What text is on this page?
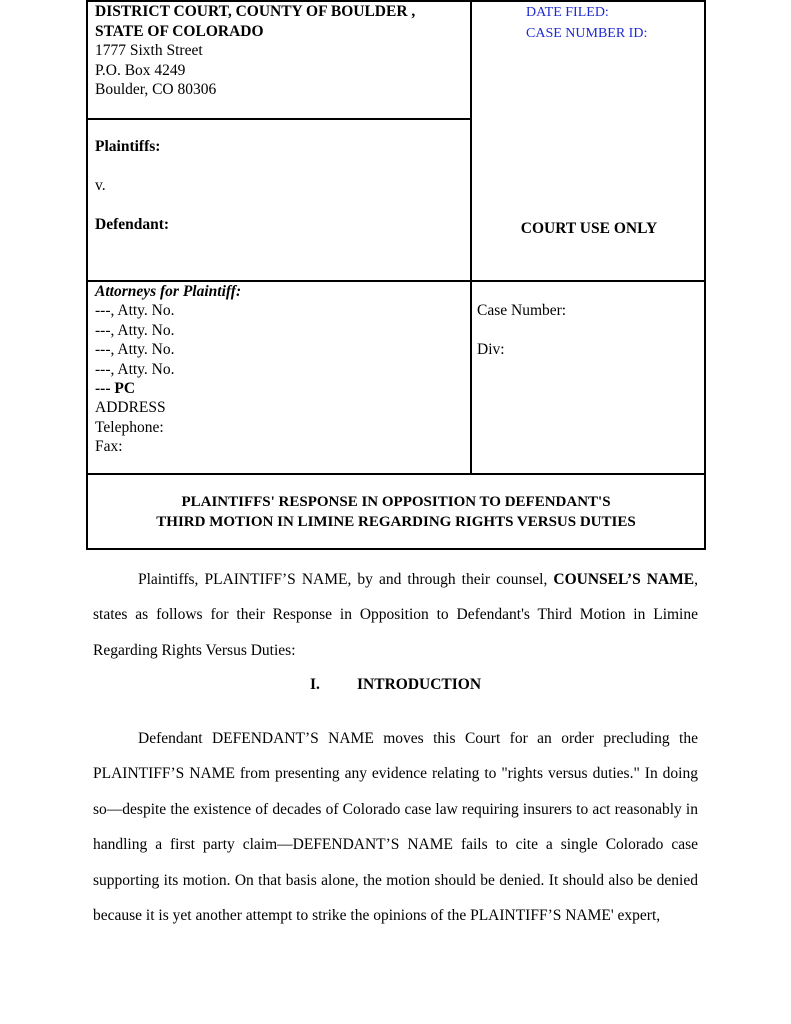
DISTRICT COURT, COUNTY OF BOULDER ,
STATE OF COLORADO
1777 Sixth Street
P.O. Box 4249
Boulder, CO 80306
DATE FILED:
CASE NUMBER ID:
Plaintiffs:
v.
Defendant:	COURT USE ONLY
Attorneys for Plaintiff:
---, Atty. No.
---, Atty. No.
---, Atty. No.
---, Atty. No.
--- PC
ADDRESS
Telephone:
Fax:
Case Number:
Div:
PLAINTIFFS' RESPONSE IN OPPOSITION TO DEFENDANT'S
THIRD MOTION IN LIMINE REGARDING RIGHTS VERSUS DUTIES
Plaintiffs, PLAINTIFF’S NAME, by and through their counsel, COUNSEL’S NAME, states as follows for their Response in Opposition to Defendant's Third Motion in Limine Regarding Rights Versus Duties:
I. INTRODUCTION
Defendant DEFENDANT’S NAME moves this Court for an order precluding the PLAINTIFF’S NAME from presenting any evidence relating to "rights versus duties." In doing so—despite the existence of decades of Colorado case law requiring insurers to act reasonably in handling a first party claim—DEFENDANT’S NAME fails to cite a single Colorado case supporting its motion. On that basis alone, the motion should be denied. It should also be denied because it is yet another attempt to strike the opinions of the PLAINTIFF’S NAME' expert,
